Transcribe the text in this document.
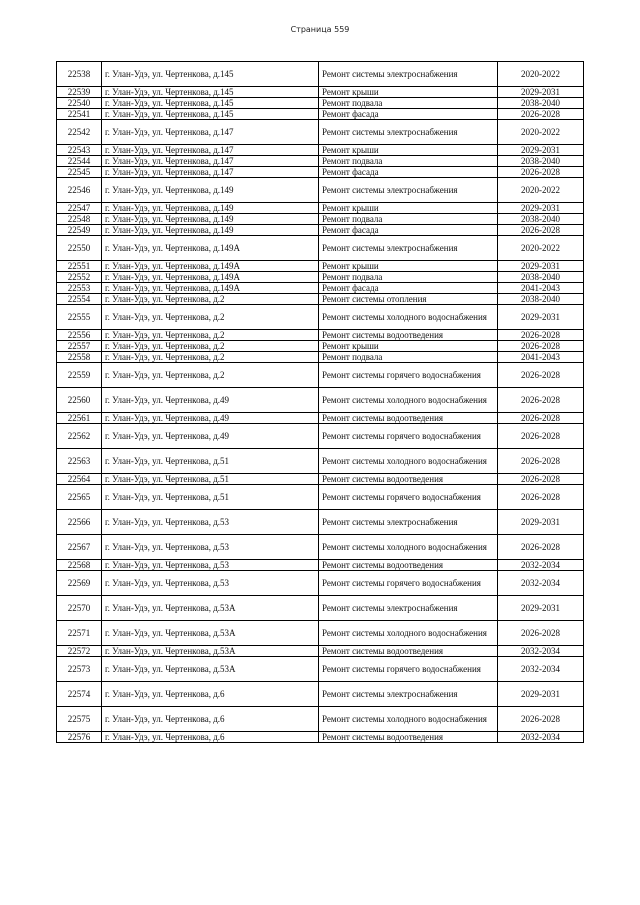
Страница 559
22538	г. Улан-Удэ, ул. Чертенкова, д.145	Ремонт системы электроснабжения	2020-2022
22539	г. Улан-Удэ, ул. Чертенкова, д.145	Ремонт крыши	2029-2031
22540	г. Улан-Удэ, ул. Чертенкова, д.145	Ремонт подвала	2038-2040
22541	г. Улан-Удэ, ул. Чертенкова, д.145	Ремонт фасада	2026-2028
22542	г. Улан-Удэ, ул. Чертенкова, д.147	Ремонт системы электроснабжения	2020-2022
22543	г. Улан-Удэ, ул. Чертенкова, д.147	Ремонт крыши	2029-2031
22544	г. Улан-Удэ, ул. Чертенкова, д.147	Ремонт подвала	2038-2040
22545	г. Улан-Удэ, ул. Чертенкова, д.147	Ремонт фасада	2026-2028
22546	г. Улан-Удэ, ул. Чертенкова, д.149	Ремонт системы электроснабжения	2020-2022
22547	г. Улан-Удэ, ул. Чертенкова, д.149	Ремонт крыши	2029-2031
22548	г. Улан-Удэ, ул. Чертенкова, д.149	Ремонт подвала	2038-2040
22549	г. Улан-Удэ, ул. Чертенкова, д.149	Ремонт фасада	2026-2028
22550	г. Улан-Удэ, ул. Чертенкова, д.149А	Ремонт системы электроснабжения	2020-2022
22551	г. Улан-Удэ, ул. Чертенкова, д.149А	Ремонт крыши	2029-2031
22552	г. Улан-Удэ, ул. Чертенкова, д.149А	Ремонт подвала	2038-2040
22553	г. Улан-Удэ, ул. Чертенкова, д.149А	Ремонт фасада	2041-2043
22554	г. Улан-Удэ, ул. Чертенкова, д.2	Ремонт системы отопления	2038-2040
22555	г. Улан-Удэ, ул. Чертенкова, д.2	Ремонт системы холодного водоснабжения	2029-2031
22556	г. Улан-Удэ, ул. Чертенкова, д.2	Ремонт системы водоотведения	2026-2028
22557	г. Улан-Удэ, ул. Чертенкова, д.2	Ремонт крыши	2026-2028
22558	г. Улан-Удэ, ул. Чертенкова, д.2	Ремонт подвала	2041-2043
22559	г. Улан-Удэ, ул. Чертенкова, д.2	Ремонт системы горячего водоснабжения	2026-2028
22560	г. Улан-Удэ, ул. Чертенкова, д.49	Ремонт системы холодного водоснабжения	2026-2028
22561	г. Улан-Удэ, ул. Чертенкова, д.49	Ремонт системы водоотведения	2026-2028
22562	г. Улан-Удэ, ул. Чертенкова, д.49	Ремонт системы горячего водоснабжения	2026-2028
22563	г. Улан-Удэ, ул. Чертенкова, д.51	Ремонт системы холодного водоснабжения	2026-2028
22564	г. Улан-Удэ, ул. Чертенкова, д.51	Ремонт системы водоотведения	2026-2028
22565	г. Улан-Удэ, ул. Чертенкова, д.51	Ремонт системы горячего водоснабжения	2026-2028
22566	г. Улан-Удэ, ул. Чертенкова, д.53	Ремонт системы электроснабжения	2029-2031
22567	г. Улан-Удэ, ул. Чертенкова, д.53	Ремонт системы холодного водоснабжения	2026-2028
22568	г. Улан-Удэ, ул. Чертенкова, д.53	Ремонт системы водоотведения	2032-2034
22569	г. Улан-Удэ, ул. Чертенкова, д.53	Ремонт системы горячего водоснабжения	2032-2034
22570	г. Улан-Удэ, ул. Чертенкова, д.53А	Ремонт системы электроснабжения	2029-2031
22571	г. Улан-Удэ, ул. Чертенкова, д.53А	Ремонт системы холодного водоснабжения	2026-2028
22572	г. Улан-Удэ, ул. Чертенкова, д.53А	Ремонт системы водоотведения	2032-2034
22573	г. Улан-Удэ, ул. Чертенкова, д.53А	Ремонт системы горячего водоснабжения	2032-2034
22574	г. Улан-Удэ, ул. Чертенкова, д.6	Ремонт системы электроснабжения	2029-2031
22575	г. Улан-Удэ, ул. Чертенкова, д.6	Ремонт системы холодного водоснабжения	2026-2028
22576	г. Улан-Удэ, ул. Чертенкова, д.6	Ремонт системы водоотведения	2032-2034
